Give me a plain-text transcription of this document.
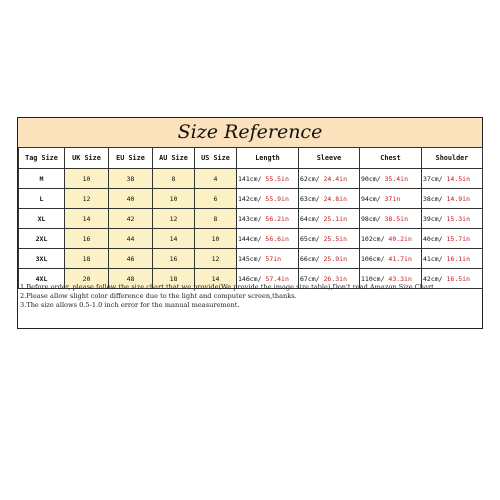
Size Reference
Tag Size	UK Size	EU Size	AU Size	US Size	Length	Sleeve	Chest	Shoulder
M	10	38	8	4	141cm/ 55.5in	62cm/ 24.4in	90cm/ 35.4in	37cm/ 14.5in
L	12	40	10	6	142cm/ 55.9in	63cm/ 24.8in	94cm/ 37in	38cm/ 14.9in
XL	14	42	12	8	143cm/ 56.2in	64cm/ 25.1in	98cm/ 38.5in	39cm/ 15.3in
2XL	16	44	14	10	144cm/ 56.6in	65cm/ 25.5in	102cm/ 40.2in	40cm/ 15.7in
3XL	18	46	16	12	145cm/ 57in	66cm/ 25.9in	106cm/ 41.7in	41cm/ 16.1in
4XL	20	48	18	14	146cm/ 57.4in	67cm/ 26.3in	110cm/ 43.3in	42cm/ 16.5in

1.Before order, please follow the size chart that we provide(We provide the image size table),Don't read Amazon Size Chart.

2.Please allow slight color difference due to the light and computer screen,thanks.

3.The size allows 0.5-1.0 inch error for the manual measurement.
